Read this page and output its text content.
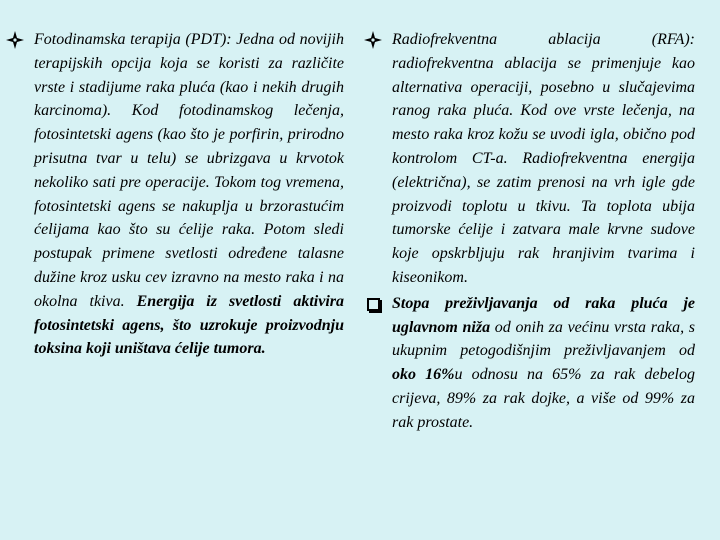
Fotodinamska terapija (PDT): Jedna od novijih terapijskih opcija koja se koristi za različite vrste i stadijume raka pluća (kao i nekih drugih karcinoma). Kod fotodinamskog lečenja, fotosintetski agens (kao što je porfirin, prirodno prisutna tvar u telu) se ubrizgava u krvotok nekoliko sati pre operacije. Tokom tog vremena, fotosintetski agens se nakuplja u brzorastućim ćelijama kao što su ćelije raka. Potom sledi postupak primene svetlosti određene talasne dužine kroz usku cev izravno na mesto raka i na okolna tkiva. Energija iz svetlosti aktivira fotosintetski agens, što uzrokuje proizvodnju toksina koji uništava ćelije tumora.
Radiofrekventna ablacija (RFA): radiofrekventna ablacija se primenjuje kao alternativa operaciji, posebno u slučajevima ranog raka pluća. Kod ove vrste lečenja, na mesto raka kroz kožu se uvodi igla, obično pod kontrolom CT-a. Radiofrekventna energija (električna), se zatim prenosi na vrh igle gde proizvodi toplotu u tkivu. Ta toplota ubija tumorske ćelije i zatvara male krvne sudove koje opskrbljuju rak hranjivim tvarima i kiseonikom.
Stopa preživljavanja od raka pluća je uglavnom niža od onih za većinu vrsta raka, s ukupnim petogodišnjim preživljavanjem od oko 16%u odnosu na 65% za rak debelog crijeva, 89% za rak dojke, a više od 99% za rak prostate.
